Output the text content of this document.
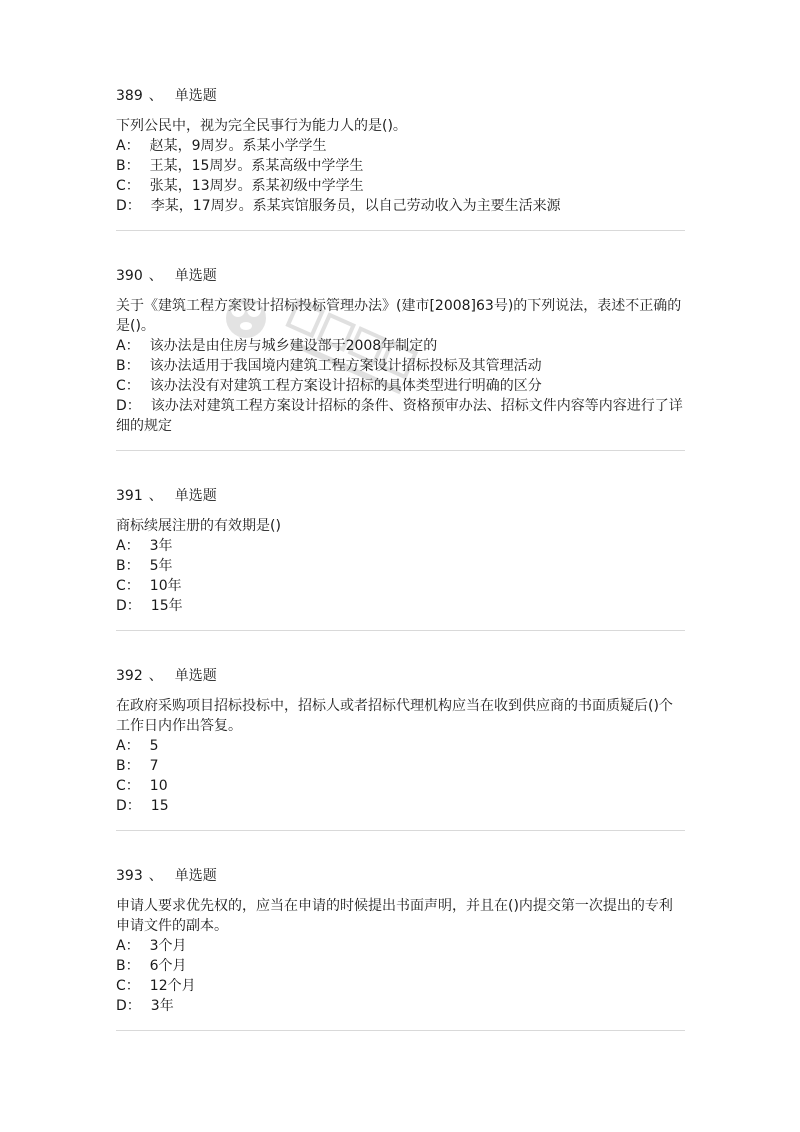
389 、 单选题
下列公民中，视为完全民事行为能力人的是()。
A： 赵某，9周岁。系某小学学生
B： 王某，15周岁。系某高级中学学生
C： 张某，13周岁。系某初级中学学生
D： 李某，17周岁。系某宾馆服务员，以自己劳动收入为主要生活来源
390 、 单选题
关于《建筑工程方案设计招标投标管理办法》(建市[2008]63号)的下列说法，表述不正确的是()。
A： 该办法是由住房与城乡建设部于2008年制定的
B： 该办法适用于我国境内建筑工程方案设计招标投标及其管理活动
C： 该办法没有对建筑工程方案设计招标的具体类型进行明确的区分
D： 该办法对建筑工程方案设计招标的条件、资格预审办法、招标文件内容等内容进行了详细的规定
391 、 单选题
商标续展注册的有效期是()
A： 3年
B： 5年
C： 10年
D： 15年
392 、 单选题
在政府采购项目招标投标中，招标人或者招标代理机构应当在收到供应商的书面质疑后()个工作日内作出答复。
A： 5
B： 7
C： 10
D： 15
393 、 单选题
申请人要求优先权的，应当在申请的时候提出书面声明，并且在()内提交第一次提出的专利申请文件的副本。
A： 3个月
B： 6个月
C： 12个月
D： 3年
